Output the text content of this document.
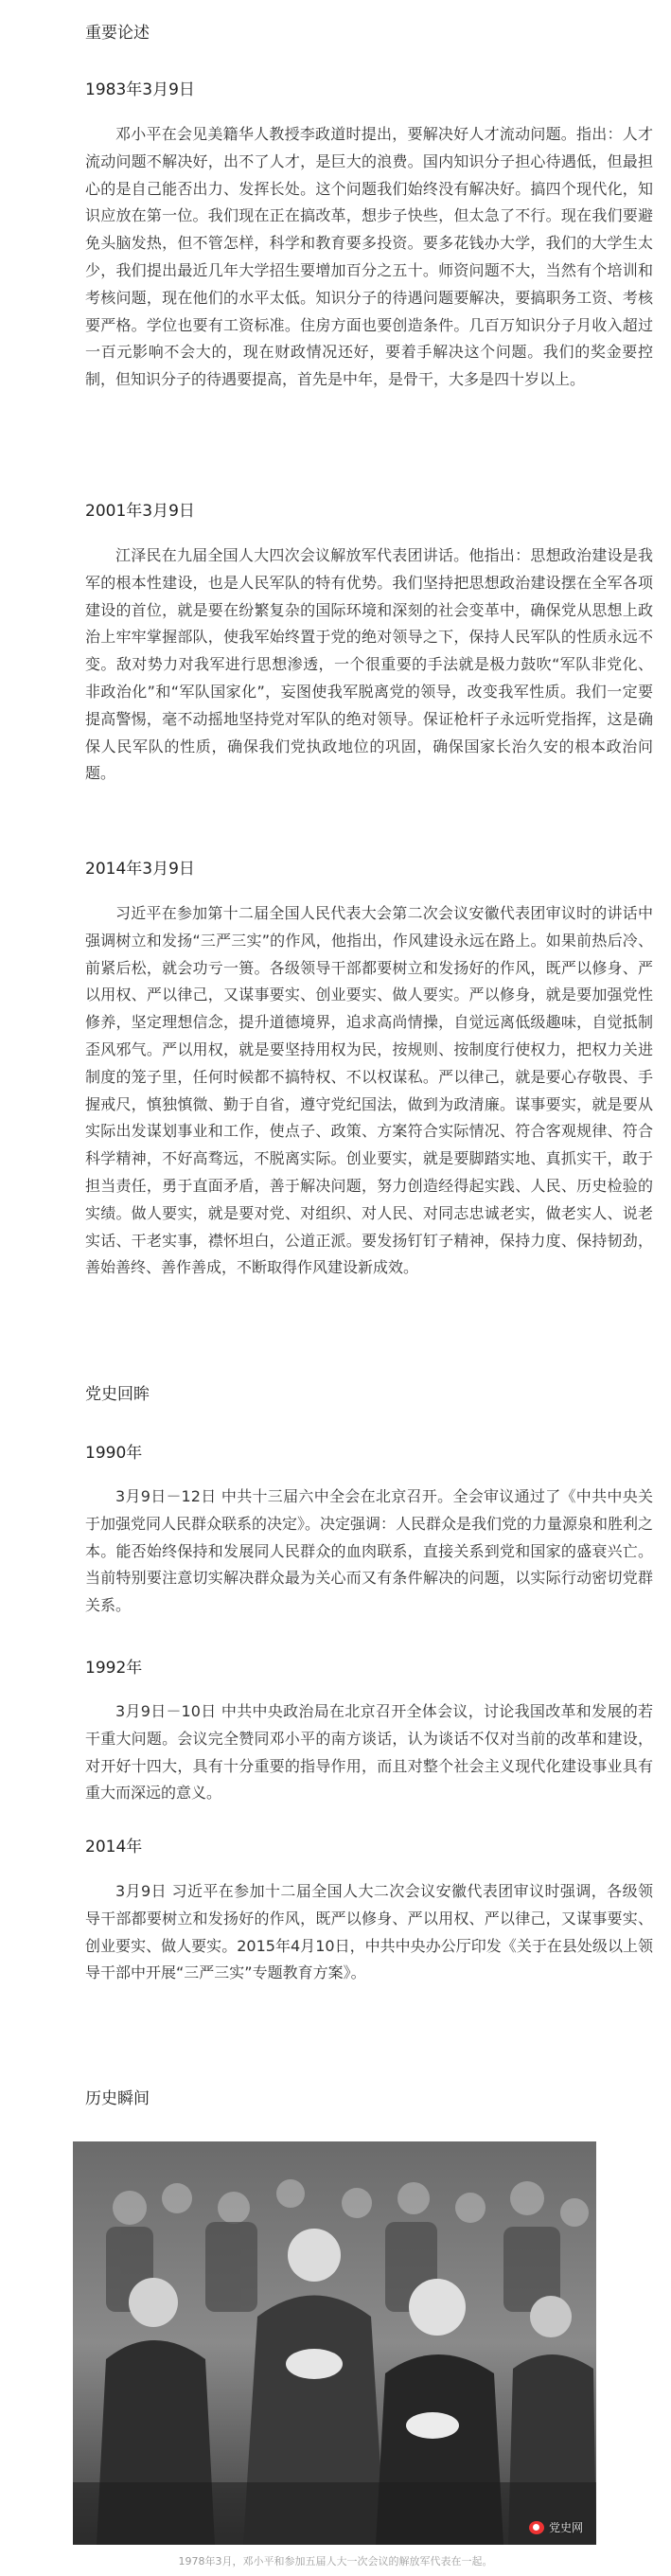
重要论述
1983年3月9日
邓小平在会见美籍华人教授李政道时提出，要解决好人才流动问题。指出：人才流动问题不解决好，出不了人才，是巨大的浪费。国内知识分子担心待遇低，但最担心的是自己能否出力、发挥长处。这个问题我们始终没有解决好。搞四个现代化，知识应放在第一位。我们现在正在搞改革，想步子快些，但太急了不行。现在我们要避免头脑发热，但不管怎样，科学和教育要多投资。要多花钱办大学，我们的大学生太少，我们提出最近几年大学招生要增加百分之五十。师资问题不大，当然有个培训和考核问题，现在他们的水平太低。知识分子的待遇问题要解决，要搞职务工资、考核要严格。学位也要有工资标准。住房方面也要创造条件。几百万知识分子月收入超过一百元影响不会大的，现在财政情况还好，要着手解决这个问题。我们的奖金要控制，但知识分子的待遇要提高，首先是中年，是骨干，大多是四十岁以上。
2001年3月9日
江泽民在九届全国人大四次会议解放军代表团讲话。他指出：思想政治建设是我军的根本性建设，也是人民军队的特有优势。我们坚持把思想政治建设摆在全军各项建设的首位，就是要在纷繁复杂的国际环境和深刻的社会变革中，确保党从思想上政治上牢牢掌握部队，使我军始终置于党的绝对领导之下，保持人民军队的性质永远不变。敌对势力对我军进行思想渗透，一个很重要的手法就是极力鼓吹“军队非党化、非政治化”和“军队国家化”，妄图使我军脱离党的领导，改变我军性质。我们一定要提高警惕，毫不动摇地坚持党对军队的绝对领导。保证枪杆子永远听党指挥，这是确保人民军队的性质，确保我们党执政地位的巩固，确保国家长治久安的根本政治问题。
2014年3月9日
习近平在参加第十二届全国人民代表大会第二次会议安徽代表团审议时的讲话中强调树立和发扬“三严三实”的作风，他指出，作风建设永远在路上。如果前热后冷、前紧后松，就会功亏一篑。各级领导干部都要树立和发扬好的作风，既严以修身、严以用权、严以律己，又谋事要实、创业要实、做人要实。严以修身，就是要加强党性修养，坚定理想信念，提升道德境界，追求高尚情操，自觉远离低级趣味，自觉抵制歪风邪气。严以用权，就是要坚持用权为民，按规则、按制度行使权力，把权力关进制度的笼子里，任何时候都不搞特权、不以权谋私。严以律己，就是要心存敬畏、手握戒尺，慎独慎微、勤于自省，遵守党纪国法，做到为政清廉。谋事要实，就是要从实际出发谋划事业和工作，使点子、政策、方案符合实际情况、符合客观规律、符合科学精神，不好高骛远，不脱离实际。创业要实，就是要脚踏实地、真抓实干，敢于担当责任，勇于直面矛盾，善于解决问题，努力创造经得起实践、人民、历史检验的实绩。做人要实，就是要对党、对组织、对人民、对同志忠诚老实，做老实人、说老实话、干老实事，襟怀坦白，公道正派。要发扬钉钉子精神，保持力度、保持韧劲，善始善终、善作善成，不断取得作风建设新成效。
党史回眸
1990年
3月9日－12日 中共十三届六中全会在北京召开。全会审议通过了《中共中央关于加强党同人民群众联系的决定》。决定强调：人民群众是我们党的力量源泉和胜利之本。能否始终保持和发展同人民群众的血肉联系，直接关系到党和国家的盛衰兴亡。当前特别要注意切实解决群众最为关心而又有条件解决的问题，以实际行动密切党群关系。
1992年
3月9日－10日 中共中央政治局在北京召开全体会议，讨论我国改革和发展的若干重大问题。会议完全赞同邓小平的南方谈话，认为谈话不仅对当前的改革和建设，对开好十四大，具有十分重要的指导作用，而且对整个社会主义现代化建设事业具有重大而深远的意义。
2014年
3月9日 习近平在参加十二届全国人大二次会议安徽代表团审议时强调，各级领导干部都要树立和发扬好的作风，既严以修身、严以用权、严以律己，又谋事要实、创业要实、做人要实。2015年4月10日，中共中央办公厅印发《关于在县处级以上领导干部中开展“三严三实”专题教育方案》。
历史瞬间
党史网
1978年3月，邓小平和参加五届人大一次会议的解放军代表在一起。
